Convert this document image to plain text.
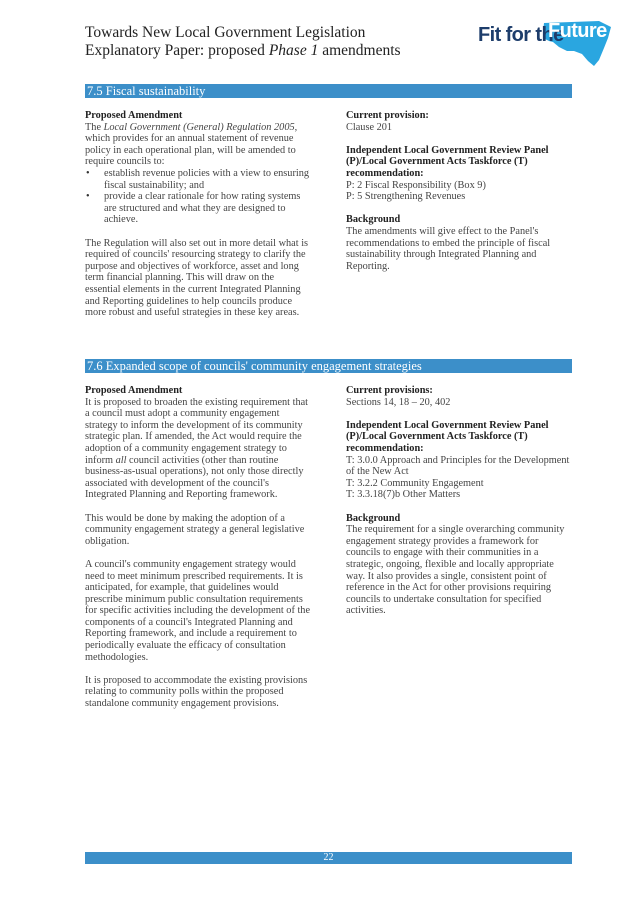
Towards New Local Government Legislation
Explanatory Paper: proposed Phase 1 amendments
Fit for the
Future
7.5 Fiscal sustainability

Proposed Amendment

The Local Government (General) Regulation 2005, which provides for an annual statement of revenue policy in each operational plan, will be amended to require councils to:

• establish revenue policies with a view to ensuring fiscal sustainability; and
• provide a clear rationale for how rating systems are structured and what they are designed to achieve.

The Regulation will also set out in more detail what is required of councils' resourcing strategy to clarify the purpose and objectives of workforce, asset and long term financial planning. This will draw on the essential elements in the current Integrated Planning and Reporting guidelines to help councils produce more robust and useful strategies in these key areas.

Current provision:

Clause 201

Independent Local Government Review Panel (P)/Local Government Acts Taskforce (T) recommendation:

P: 2 Fiscal Responsibility (Box 9)

P: 5 Strengthening Revenues

Background

The amendments will give effect to the Panel's recommendations to embed the principle of fiscal sustainability through Integrated Planning and Reporting.

7.6 Expanded scope of councils' community engagement strategies

Proposed Amendment

It is proposed to broaden the existing requirement that a council must adopt a community engagement strategy to inform the development of its community strategic plan. If amended, the Act would require the adoption of a community engagement strategy to inform all council activities (other than routine business-as-usual operations), not only those directly associated with development of the council's Integrated Planning and Reporting framework.

This would be done by making the adoption of a community engagement strategy a general legislative obligation.

A council's community engagement strategy would need to meet minimum prescribed requirements. It is anticipated, for example, that guidelines would prescribe minimum public consultation requirements for specific activities including the development of the components of a council's Integrated Planning and Reporting framework, and include a requirement to periodically evaluate the efficacy of consultation methodologies.

It is proposed to accommodate the existing provisions relating to community polls within the proposed standalone community engagement provisions.

Current provisions:

Sections 14, 18 – 20, 402

Independent Local Government Review Panel (P)/Local Government Acts Taskforce (T) recommendation:

T: 3.0.0 Approach and Principles for the Development of the New Act

T: 3.2.2 Community Engagement

T: 3.3.18(7)b Other Matters

Background

The requirement for a single overarching community engagement strategy provides a framework for councils to engage with their communities in a strategic, ongoing, flexible and locally appropriate way. It also provides a single, consistent point of reference in the Act for other provisions requiring councils to undertake consultation for specified activities.

22
